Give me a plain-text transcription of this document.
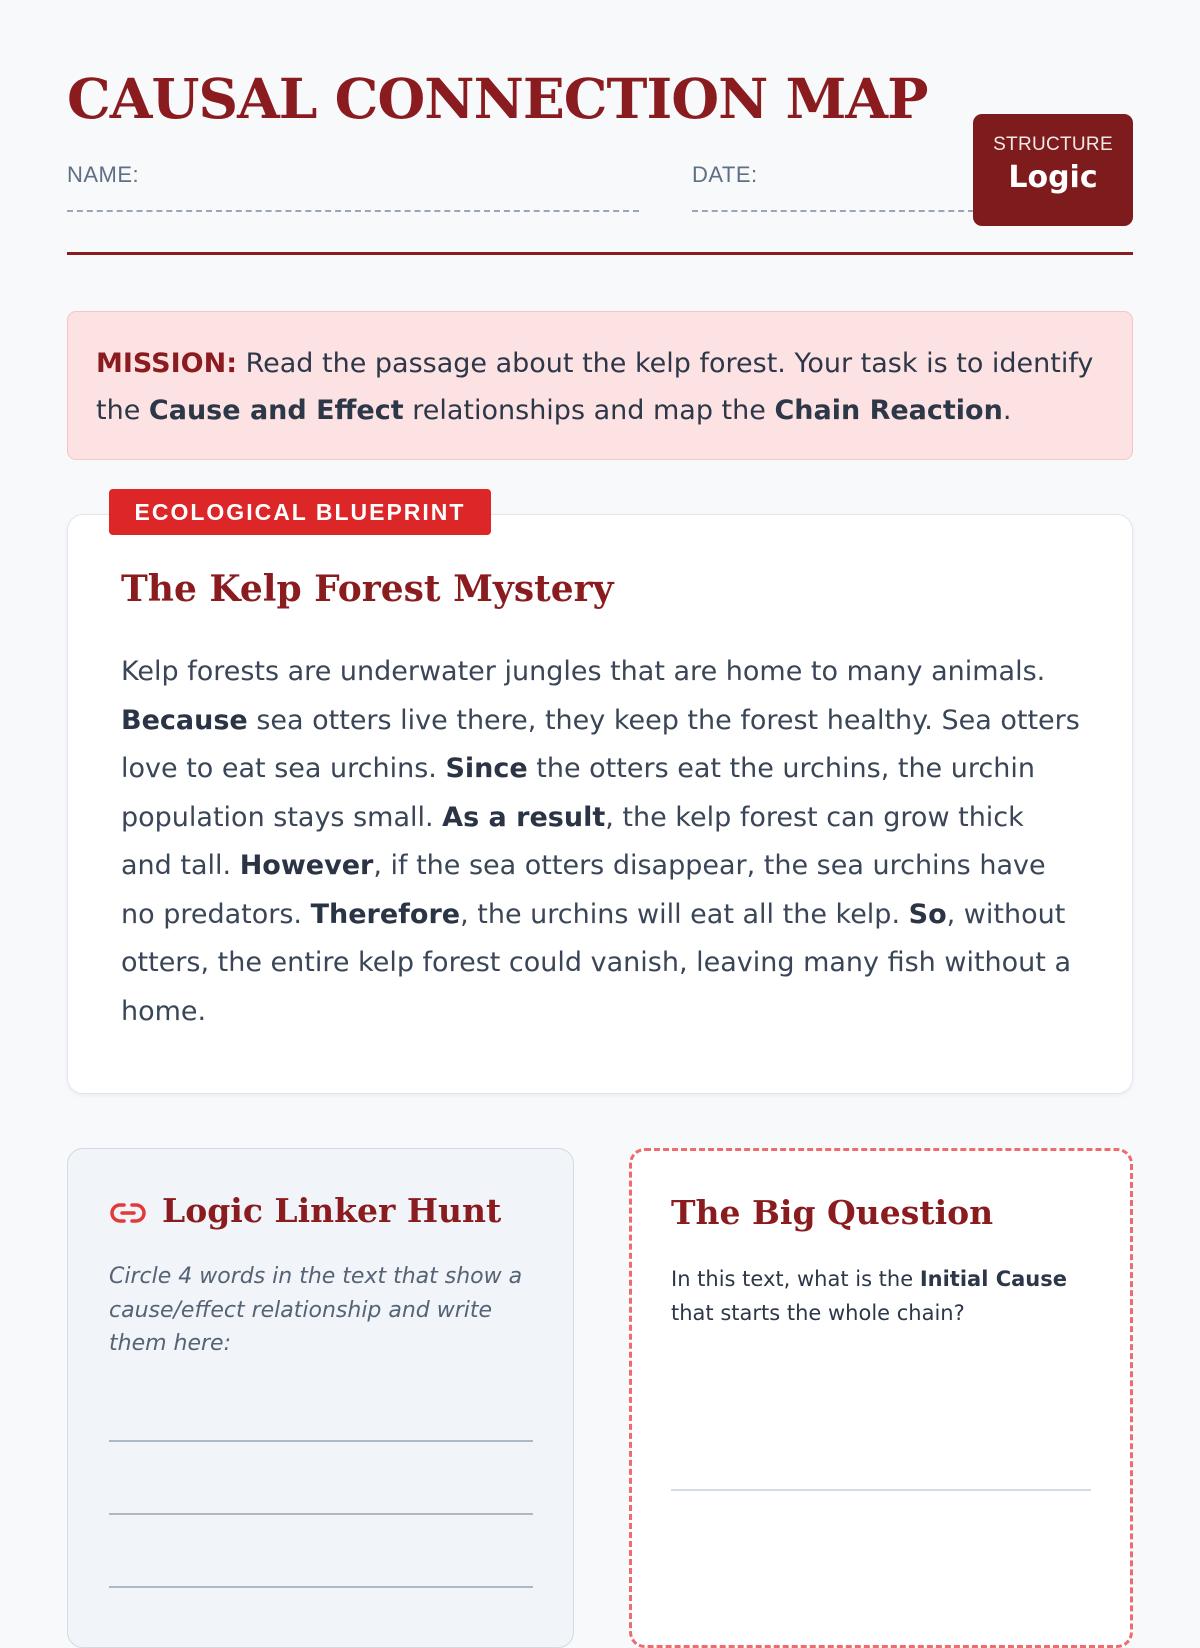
CAUSAL CONNECTION MAP
NAME:	DATE:
STRUCTURE
Logic
MISSION: Read the passage about the kelp forest. Your task is to identify the Cause and Effect relationships and map the Chain Reaction.
ECOLOGICAL BLUEPRINT
The Kelp Forest Mystery

Kelp forests are underwater jungles that are home to many animals. Because sea otters live there, they keep the forest healthy. Sea otters love to eat sea urchins. Since the otters eat the urchins, the urchin population stays small. As a result, the kelp forest can grow thick and tall. However, if the sea otters disappear, the sea urchins have no predators. Therefore, the urchins will eat all the kelp. So, without otters, the entire kelp forest could vanish, leaving many fish without a home.

Logic Linker Hunt

Circle 4 words in the text that show a cause/effect relationship and write them here:

The Big Question

In this text, what is the Initial Cause that starts the whole chain?
